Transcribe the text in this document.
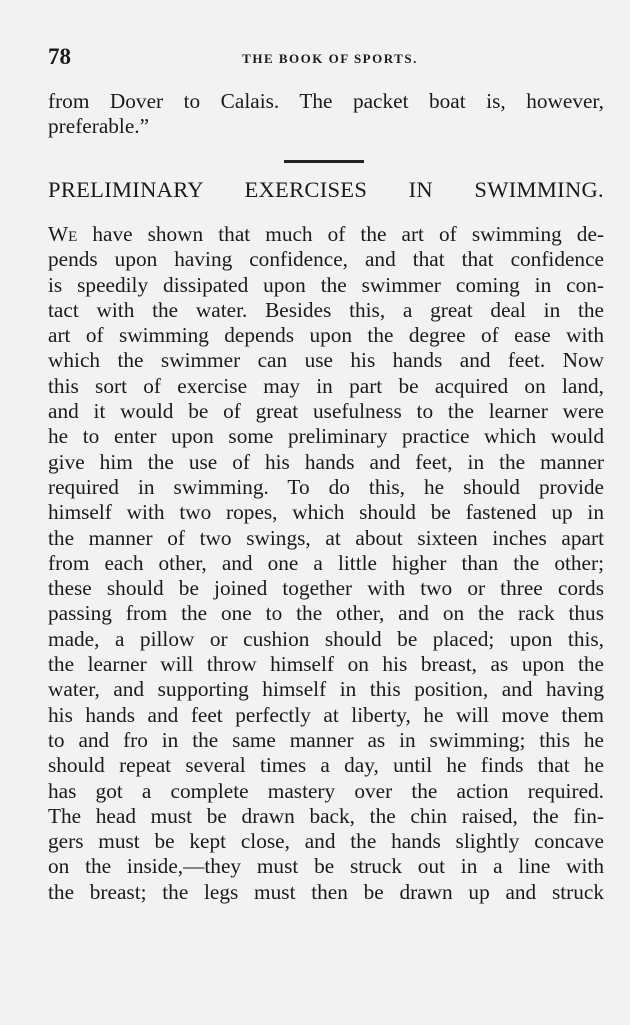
78	THE BOOK OF SPORTS.
from Dover to Calais. The packet boat is, however,
preferable.”
PRELIMINARY EXERCISES IN SWIMMING.
WE have shown that much of the art of swimming de-
pends upon having confidence, and that that confidence
is speedily dissipated upon the swimmer coming in con-
tact with the water. Besides this, a great deal in the
art of swimming depends upon the degree of ease with
which the swimmer can use his hands and feet. Now
this sort of exercise may in part be acquired on land,
and it would be of great usefulness to the learner were
he to enter upon some preliminary practice which would
give him the use of his hands and feet, in the manner
required in swimming. To do this, he should provide
himself with two ropes, which should be fastened up in
the manner of two swings, at about sixteen inches apart
from each other, and one a little higher than the other;
these should be joined together with two or three cords
passing from the one to the other, and on the rack thus
made, a pillow or cushion should be placed; upon this,
the learner will throw himself on his breast, as upon the
water, and supporting himself in this position, and having
his hands and feet perfectly at liberty, he will move them
to and fro in the same manner as in swimming; this he
should repeat several times a day, until he finds that he
has got a complete mastery over the action required.
The head must be drawn back, the chin raised, the fin-
gers must be kept close, and the hands slightly concave
on the inside,—they must be struck out in a line with
the breast; the legs must then be drawn up and struck
